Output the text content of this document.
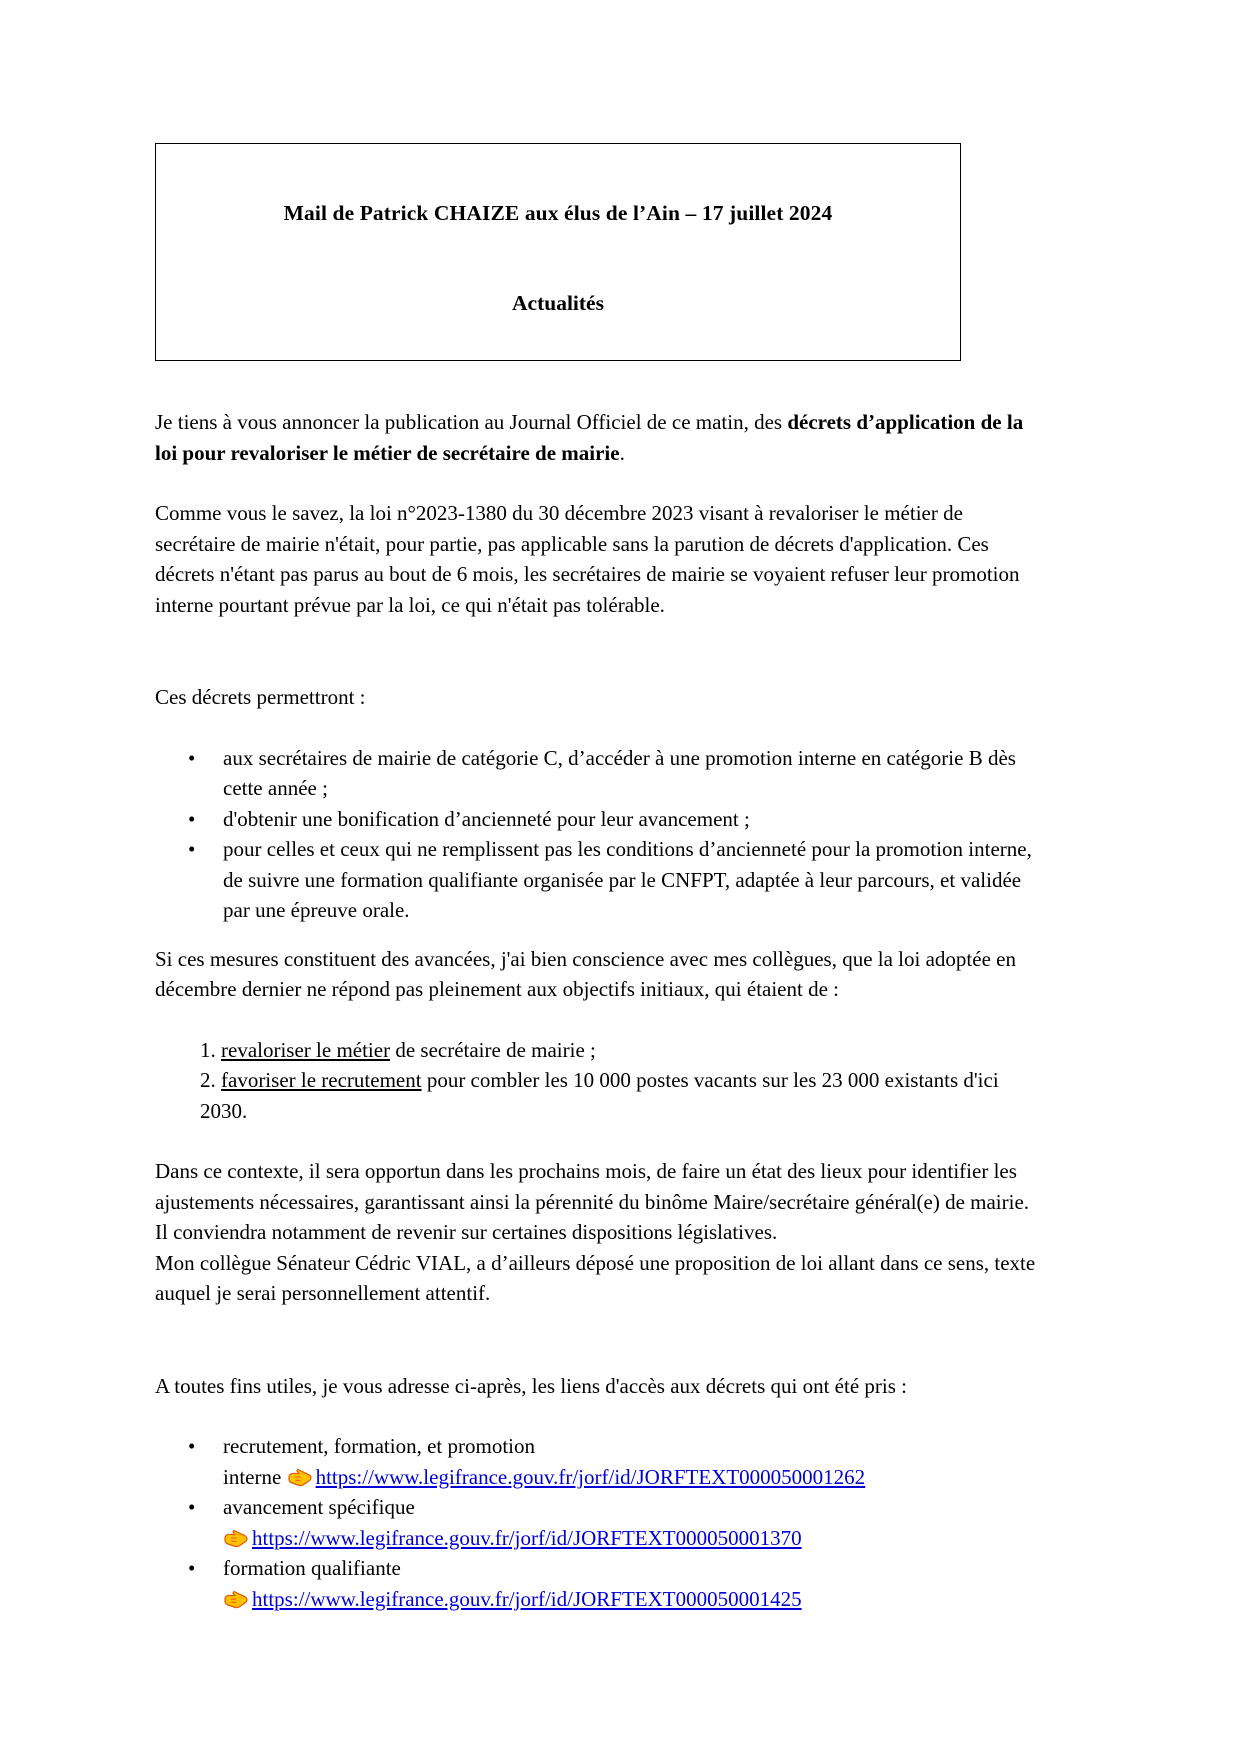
Mail de Patrick CHAIZE aux élus de l’Ain – 17 juillet 2024
Actualités

Je tiens à vous annoncer la publication au Journal Officiel de ce matin, des décrets d’application de la loi pour revaloriser le métier de secrétaire de mairie.

Comme vous le savez, la loi n°2023-1380 du 30 décembre 2023 visant à revaloriser le métier de secrétaire de mairie n'était, pour partie, pas applicable sans la parution de décrets d'application. Ces décrets n'étant pas parus au bout de 6 mois, les secrétaires de mairie se voyaient refuser leur promotion interne pourtant prévue par la loi, ce qui n'était pas tolérable.

Ces décrets permettront :

• aux secrétaires de mairie de catégorie C, d’accéder à une promotion interne en catégorie B dès cette année ;
• d'obtenir une bonification d’ancienneté pour leur avancement ;
• pour celles et ceux qui ne remplissent pas les conditions d’ancienneté pour la promotion interne, de suivre une formation qualifiante organisée par le CNFPT, adaptée à leur parcours, et validée par une épreuve orale.

Si ces mesures constituent des avancées, j'ai bien conscience avec mes collègues, que la loi adoptée en décembre dernier ne répond pas pleinement aux objectifs initiaux, qui étaient de :

1. revaloriser le métier de secrétaire de mairie ;
2. favoriser le recrutement pour combler les 10 000 postes vacants sur les 23 000 existants d'ici 2030.

Dans ce contexte, il sera opportun dans les prochains mois, de faire un état des lieux pour identifier les ajustements nécessaires, garantissant ainsi la pérennité du binôme Maire/secrétaire général(e) de mairie.

Il conviendra notamment de revenir sur certaines dispositions législatives.

Mon collègue Sénateur Cédric VIAL, a d’ailleurs déposé une proposition de loi allant dans ce sens, texte auquel je serai personnellement attentif.

A toutes fins utiles, je vous adresse ci-après, les liens d'accès aux décrets qui ont été pris :

• recrutement, formation, et promotion
interne https://www.legifrance.gouv.fr/jorf/id/JORFTEXT000050001262
• avancement spécifique
https://www.legifrance.gouv.fr/jorf/id/JORFTEXT000050001370
• formation qualifiante
https://www.legifrance.gouv.fr/jorf/id/JORFTEXT000050001425
